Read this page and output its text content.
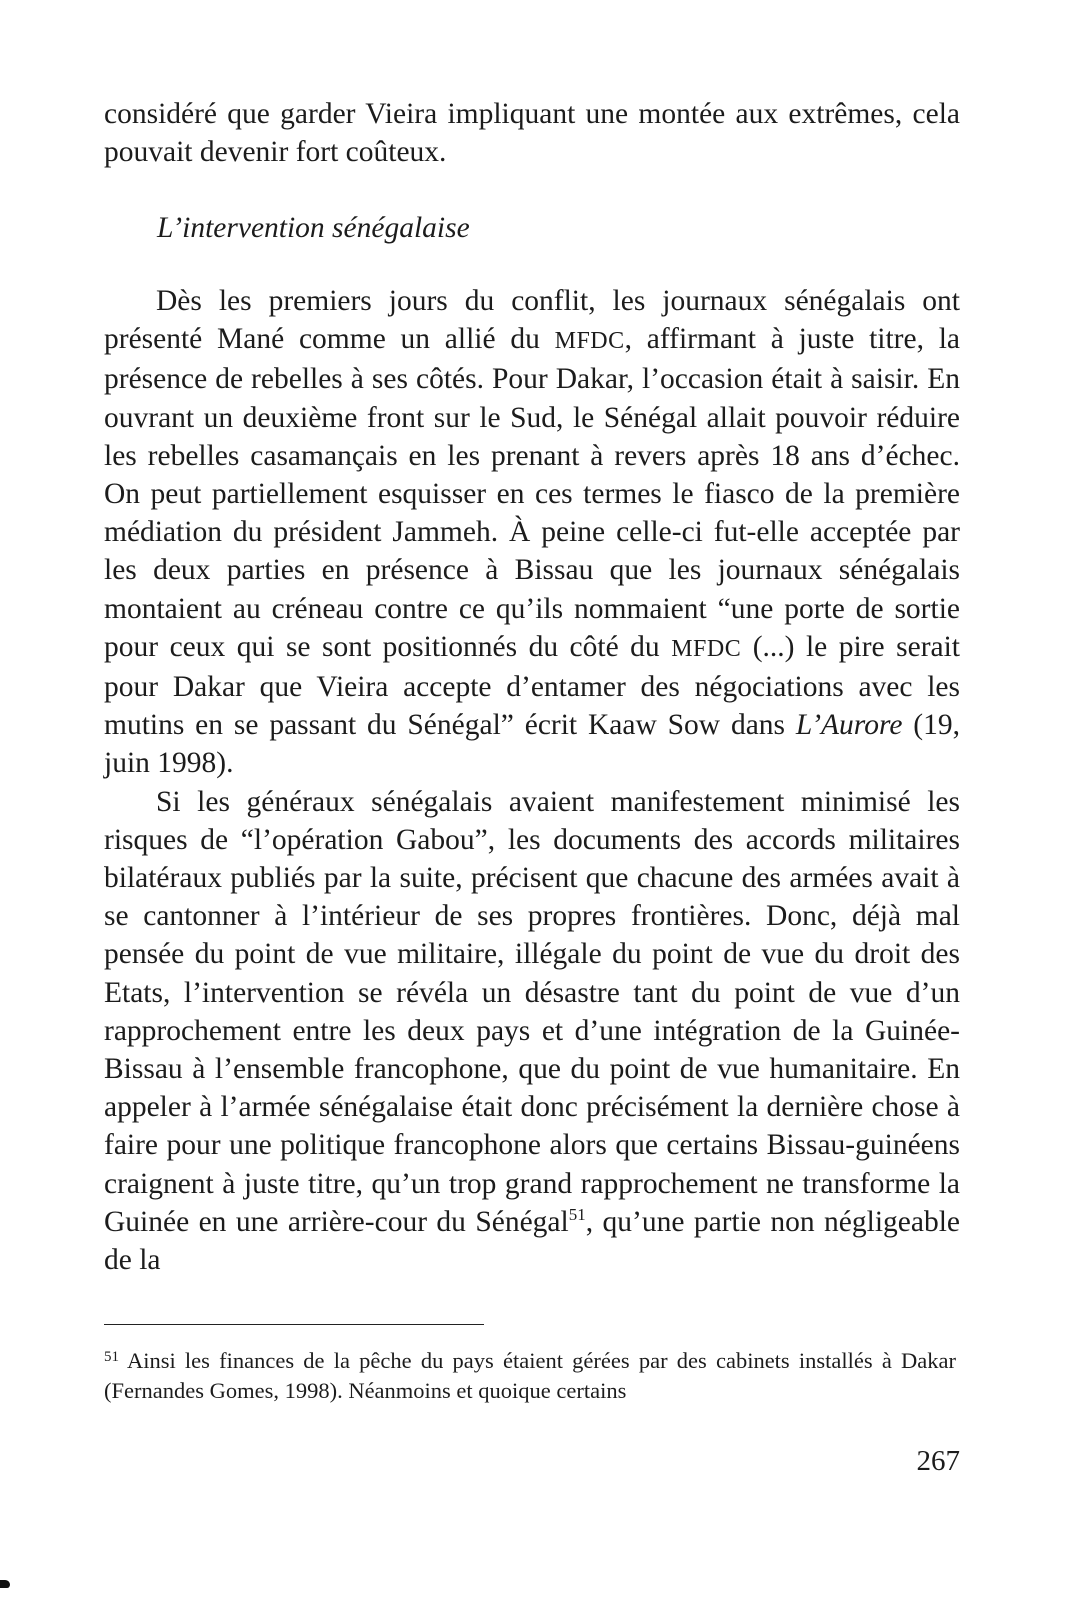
considéré que garder Vieira impliquant une montée aux extrêmes, cela pouvait devenir fort coûteux.

L’intervention sénégalaise

Dès les premiers jours du conflit, les journaux sénégalais ont présenté Mané comme un allié du MFDC, affirmant à juste titre, la présence de rebelles à ses côtés. Pour Dakar, l’occasion était à saisir. En ouvrant un deuxième front sur le Sud, le Sénégal allait pouvoir réduire les rebelles casamançais en les prenant à revers après 18 ans d’échec. On peut partiellement esquisser en ces termes le fiasco de la première médiation du président Jammeh. À peine celle-ci fut-elle acceptée par les deux parties en présence à Bissau que les journaux sénégalais montaient au créneau contre ce qu’ils nommaient “une porte de sortie pour ceux qui se sont positionnés du côté du MFDC (...) le pire serait pour Dakar que Vieira accepte d’entamer des négociations avec les mutins en se passant du Sénégal” écrit Kaaw Sow dans L’Aurore (19, juin 1998).

Si les généraux sénégalais avaient manifestement minimisé les risques de “l’opération Gabou”, les documents des accords militaires bilatéraux publiés par la suite, précisent que chacune des armées avait à se cantonner à l’intérieur de ses propres frontières. Donc, déjà mal pensée du point de vue militaire, illégale du point de vue du droit des Etats, l’intervention se révéla un désastre tant du point de vue d’un rapprochement entre les deux pays et d’une intégration de la Guinée-Bissau à l’ensemble francophone, que du point de vue humanitaire. En appeler à l’armée sénégalaise était donc précisément la dernière chose à faire pour une politique francophone alors que certains Bissau-guinéens craignent à juste titre, qu’un trop grand rapprochement ne transforme la Guinée en une arrière-cour du Sénégal$^{51}$, qu’une partie non négligeable de la

$^{51}$ Ainsi les finances de la pêche du pays étaient gérées par des cabinets installés à Dakar (Fernandes Gomes, 1998). Néanmoins et quoique certains
267
